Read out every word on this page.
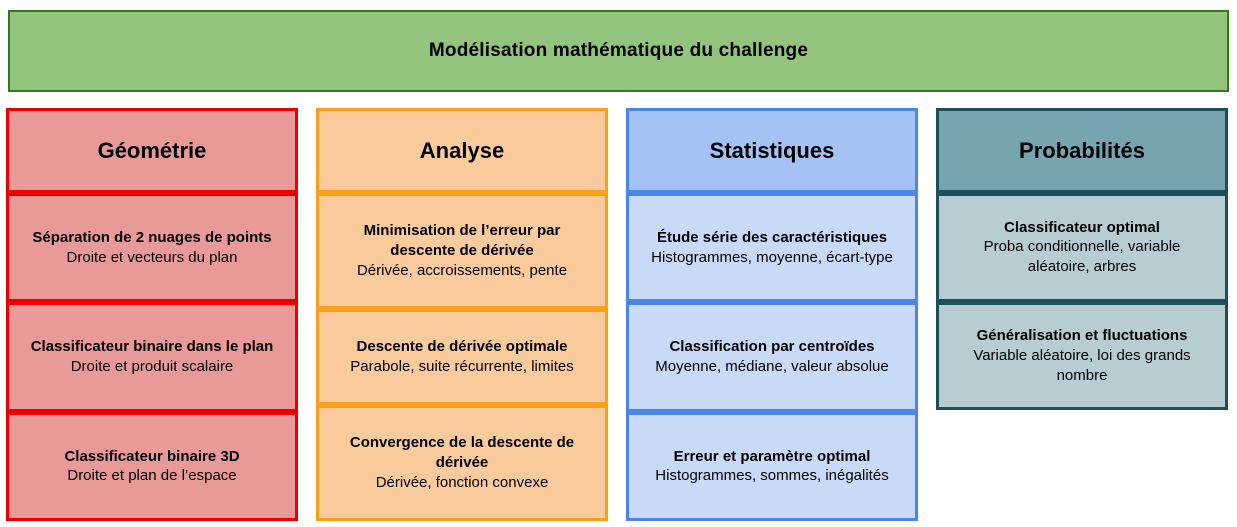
Modélisation mathématique du challenge
Géométrie
Séparation de 2 nuages de points
Droite et vecteurs du plan
Classificateur binaire dans le plan
Droite et produit scalaire
Classificateur binaire 3D
Droite et plan de l’espace
Analyse
Minimisation de l’erreur par descente de dérivée
Dérivée, accroissements, pente
Descente de dérivée optimale
Parabole, suite récurrente, limites
Convergence de la descente de dérivée
Dérivée, fonction convexe
Statistiques
Étude série des caractéristiques
Histogrammes, moyenne, écart-type
Classification par centroïdes
Moyenne, médiane, valeur absolue
Erreur et paramètre optimal
Histogrammes, sommes, inégalités
Probabilités
Classificateur optimal
Proba conditionnelle, variable aléatoire, arbres
Généralisation et fluctuations
Variable aléatoire, loi des grands nombre
